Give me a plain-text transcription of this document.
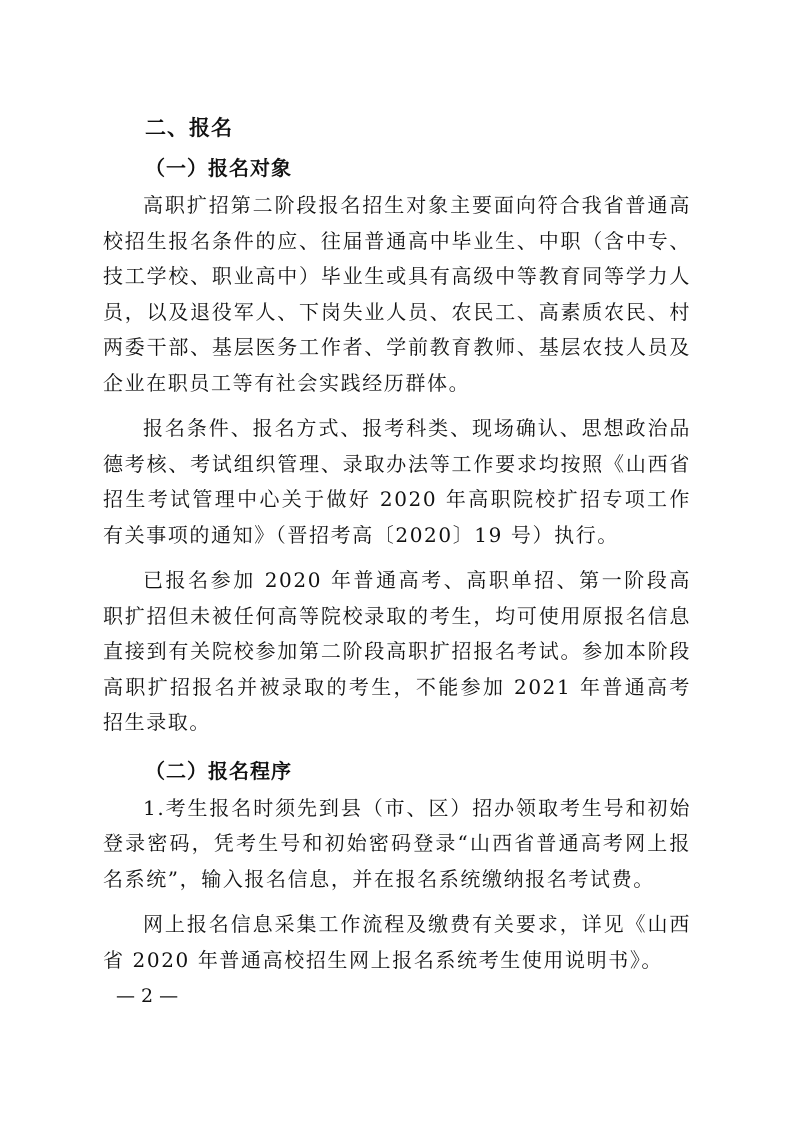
二、报名
（一）报名对象

高职扩招第二阶段报名招生对象主要面向符合我省普通高校招生报名条件的应、往届普通高中毕业生、中职（含中专、技工学校、职业高中）毕业生或具有高级中等教育同等学力人员，以及退役军人、下岗失业人员、农民工、高素质农民、村两委干部、基层医务工作者、学前教育教师、基层农技人员及企业在职员工等有社会实践经历群体。

报名条件、报名方式、报考科类、现场确认、思想政治品德考核、考试组织管理、录取办法等工作要求均按照《山西省招生考试管理中心关于做好 2020 年高职院校扩招专项工作有关事项的通知》（晋招考高〔2020〕19 号）执行。

已报名参加 2020 年普通高考、高职单招、第一阶段高职扩招但未被任何高等院校录取的考生，均可使用原报名信息直接到有关院校参加第二阶段高职扩招报名考试。参加本阶段高职扩招报名并被录取的考生，不能参加 2021 年普通高考招生录取。

（二）报名程序

1.考生报名时须先到县（市、区）招办领取考生号和初始登录密码，凭考生号和初始密码登录“山西省普通高考网上报名系统”，输入报名信息，并在报名系统缴纳报名考试费。

网上报名信息采集工作流程及缴费有关要求，详见《山西省 2020 年普通高校招生网上报名系统考生使用说明书》。

— 2 —
